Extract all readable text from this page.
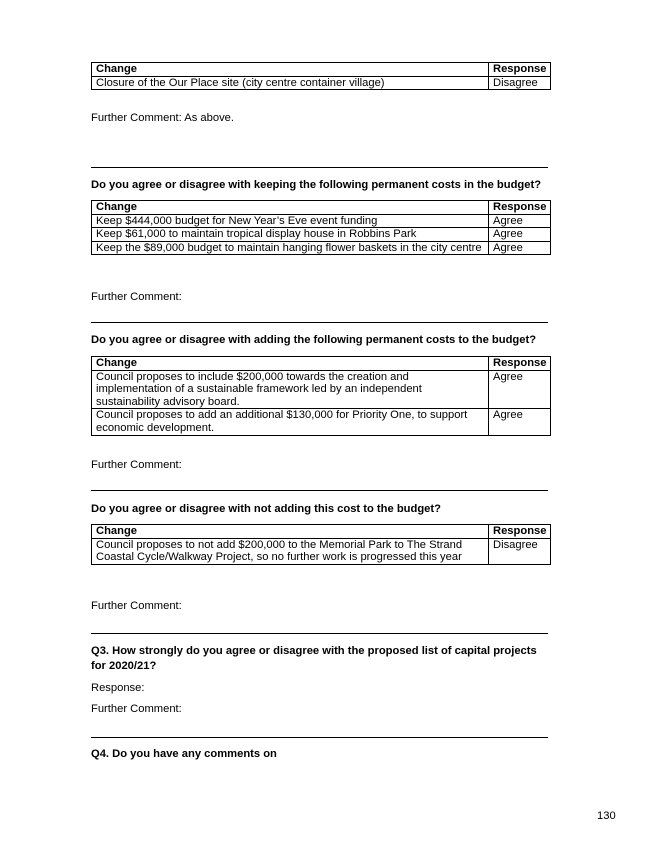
Change	Response
Closure of the Our Place site (city centre container village)	Disagree
Further Comment: As above.
Do you agree or disagree with keeping the following permanent costs in the budget?
Change	Response
Keep $444,000 budget for New Year’s Eve event funding	Agree
Keep $61,000 to maintain tropical display house in Robbins Park	Agree
Keep the $89,000 budget to maintain hanging flower baskets in the city centre	Agree
Further Comment:
Do you agree or disagree with adding the following permanent costs to the budget?
Change	Response
Council proposes to include $200,000 towards the creation and implementation of a sustainable framework led by an independent sustainability advisory board.	Agree
Council proposes to add an additional $130,000 for Priority One, to support economic development.	Agree
Further Comment:
Do you agree or disagree with not adding this cost to the budget?
Change	Response
Council proposes to not add $200,000 to the Memorial Park to The Strand Coastal Cycle/Walkway Project, so no further work is progressed this year	Disagree
Further Comment:
Q3. How strongly do you agree or disagree with the proposed list of capital projects for 2020/21?
Response:
Further Comment:
Q4. Do you have any comments on
130
